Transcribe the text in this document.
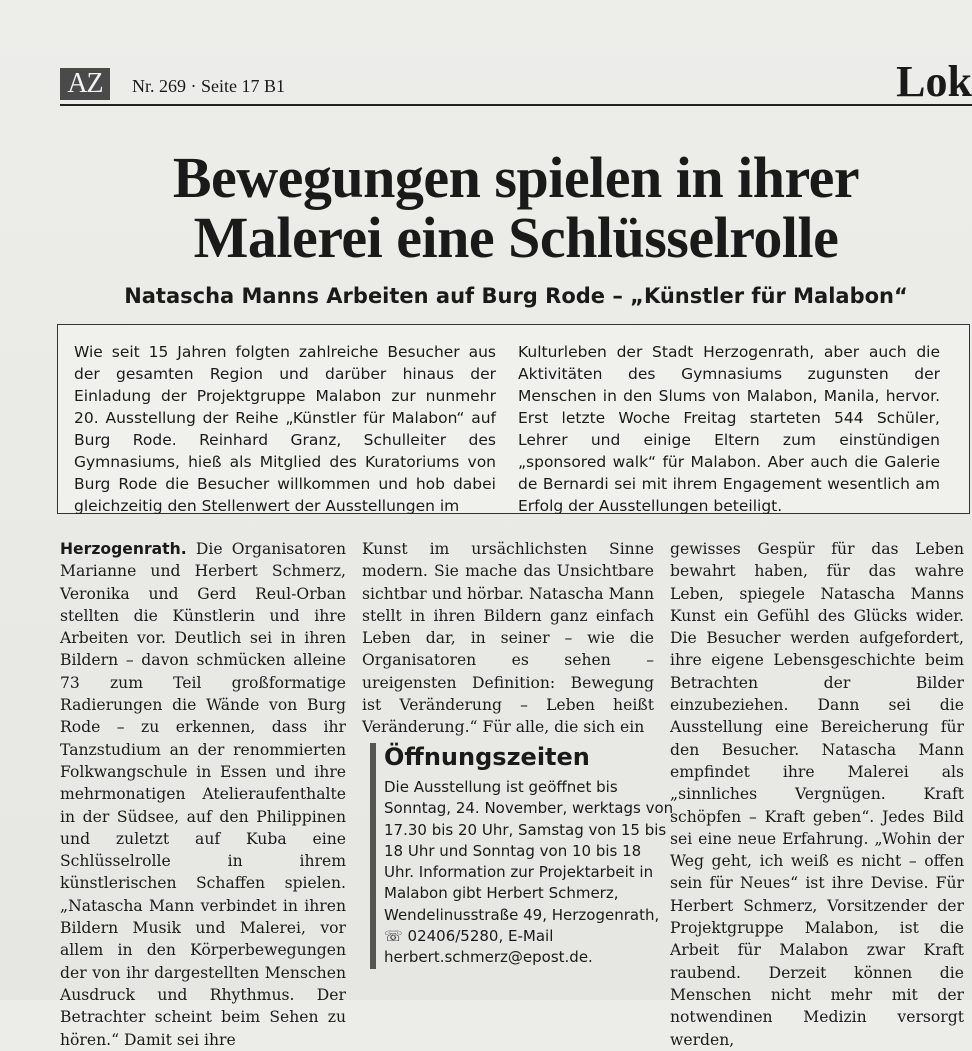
AZ	Nr. 269 · Seite 17 B1	Lok
Bewegungen spielen in ihrer
Malerei eine Schlüsselrolle
Natascha Manns Arbeiten auf Burg Rode – „Künstler für Malabon“
Wie seit 15 Jahren folgten zahlreiche Besucher aus der gesamten Region und darüber hinaus der Einladung der Projektgruppe Malabon zur nunmehr 20. Ausstellung der Reihe „Künstler für Malabon“ auf Burg Rode. Reinhard Granz, Schulleiter des Gymnasiums, hieß als Mitglied des Kuratoriums von Burg Rode die Besucher willkommen und hob dabei gleichzeitig den Stellenwert der Ausstellungen im
Kulturleben der Stadt Herzogenrath, aber auch die Aktivitäten des Gymnasiums zugunsten der Menschen in den Slums von Malabon, Manila, hervor. Erst letzte Woche Freitag starteten 544 Schüler, Lehrer und einige Eltern zum einstündigen „sponsored walk“ für Malabon. Aber auch die Galerie de Bernardi sei mit ihrem Engagement wesentlich am Erfolg der Ausstellungen beteiligt.
Herzogenrath. Die Organisatoren Marianne und Herbert Schmerz, Veronika und Gerd Reul-Orban stellten die Künstlerin und ihre Arbeiten vor. Deutlich sei in ihren Bildern – davon schmücken alleine 73 zum Teil großformatige Radierungen die Wände von Burg Rode – zu erkennen, dass ihr Tanzstudium an der renommierten Folkwangschule in Essen und ihre mehrmonatigen Atelieraufenthalte in der Südsee, auf den Philippinen und zuletzt auf Kuba eine Schlüsselrolle in ihrem künstlerischen Schaffen spielen. „Natascha Mann verbindet in ihren Bildern Musik und Malerei, vor allem in den Körperbewegungen der von ihr dargestellten Menschen Ausdruck und Rhythmus. Der Betrachter scheint beim Sehen zu hören.“ Damit sei ihre
Kunst im ursächlichsten Sinne modern. Sie mache das Unsichtbare sichtbar und hörbar. Natascha Mann stellt in ihren Bildern ganz einfach Leben dar, in seiner – wie die Organisatoren es sehen – ureigensten Definition: Bewegung ist Veränderung – Leben heißt Veränderung.“ Für alle, die sich ein
Öffnungszeiten

Die Ausstellung ist geöffnet bis Sonntag, 24. November, werktags von 17.30 bis 20 Uhr, Samstag von 15 bis 18 Uhr und Sonntag von 10 bis 18 Uhr. Information zur Projektarbeit in Malabon gibt Herbert Schmerz, Wendelinusstraße 49, Herzogenrath, ☏ 02406/5280, E-Mail herbert.schmerz@epost.de.

gewisses Gespür für das Leben bewahrt haben, für das wahre Leben, spiegele Natascha Manns Kunst ein Gefühl des Glücks wider. Die Besucher werden aufgefordert, ihre eigene Lebensgeschichte beim Betrachten der Bilder einzubeziehen. Dann sei die Ausstellung eine Bereicherung für den Besucher. Natascha Mann empfindet ihre Malerei als „sinnliches Vergnügen. Kraft schöpfen – Kraft geben“. Jedes Bild sei eine neue Erfahrung. „Wohin der Weg geht, ich weiß es nicht – offen sein für Neues“ ist ihre Devise. Für Herbert Schmerz, Vorsitzender der Projektgruppe Malabon, ist die Arbeit für Malabon zwar Kraft raubend. Derzeit können die Menschen nicht mehr mit der notwendinen Medizin versorgt werden,
